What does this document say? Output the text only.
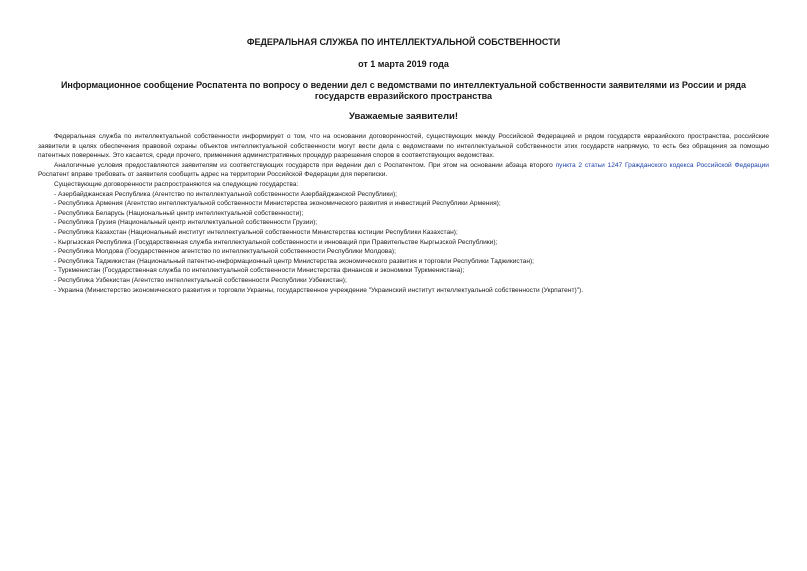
ФЕДЕРАЛЬНАЯ СЛУЖБА ПО ИНТЕЛЛЕКТУАЛЬНОЙ СОБСТВЕННОСТИ
от 1 марта 2019 года
Информационное сообщение Роспатента по вопросу о ведении дел с ведомствами по интеллектуальной собственности заявителями из России и ряда государств евразийского пространства
Уважаемые заявители!

Федеральная служба по интеллектуальной собственности информирует о том, что на основании договоренностей, существующих между Российской Федерацией и рядом государств евразийского пространства, российские заявители в целях обеспечения правовой охраны объектов интеллектуальной собственности могут вести дела с ведомствами по интеллектуальной собственности этих государств напрямую, то есть без обращения за помощью патентных поверенных. Это касается, среди прочего, применения административных процедур разрешения споров в соответствующих ведомствах.

Аналогичные условия предоставляются заявителям из соответствующих государств при ведении дел с Роспатентом. При этом на основании абзаца второго пункта 2 статьи 1247 Гражданского кодекса Российской Федерации Роспатент вправе требовать от заявителя сообщить адрес на территории Российской Федерации для переписки.

Существующие договоренности распространяются на следующие государства:

- Азербайджанская Республика (Агентство по интеллектуальной собственности Азербайджанской Республики);
- Республика Армения (Агентство интеллектуальной собственности Министерства экономического развития и инвестиций Республики Армения);
- Республика Беларусь (Национальный центр интеллектуальной собственности);
- Республика Грузия (Национальный центр интеллектуальной собственности Грузии);
- Республика Казахстан (Национальный институт интеллектуальной собственности Министерства юстиции Республики Казахстан);
- Кыргызская Республика (Государственная служба интеллектуальной собственности и инноваций при Правительстве Кыргызской Республики);
- Республика Молдова (Государственное агентство по интеллектуальной собственности Республики Молдова);
- Республика Таджикистан (Национальный патентно-информационный центр Министерства экономического развития и торговли Республики Таджикистан);
- Туркменистан (Государственная служба по интеллектуальной собственности Министерства финансов и экономики Туркменистана);
- Республика Узбекистан (Агентство интеллектуальной собственности Республики Узбекистан);
- Украина (Министерство экономического развития и торговли Украины, государственное учреждение "Украинский институт интеллектуальной собственности (Укрпатент)").
